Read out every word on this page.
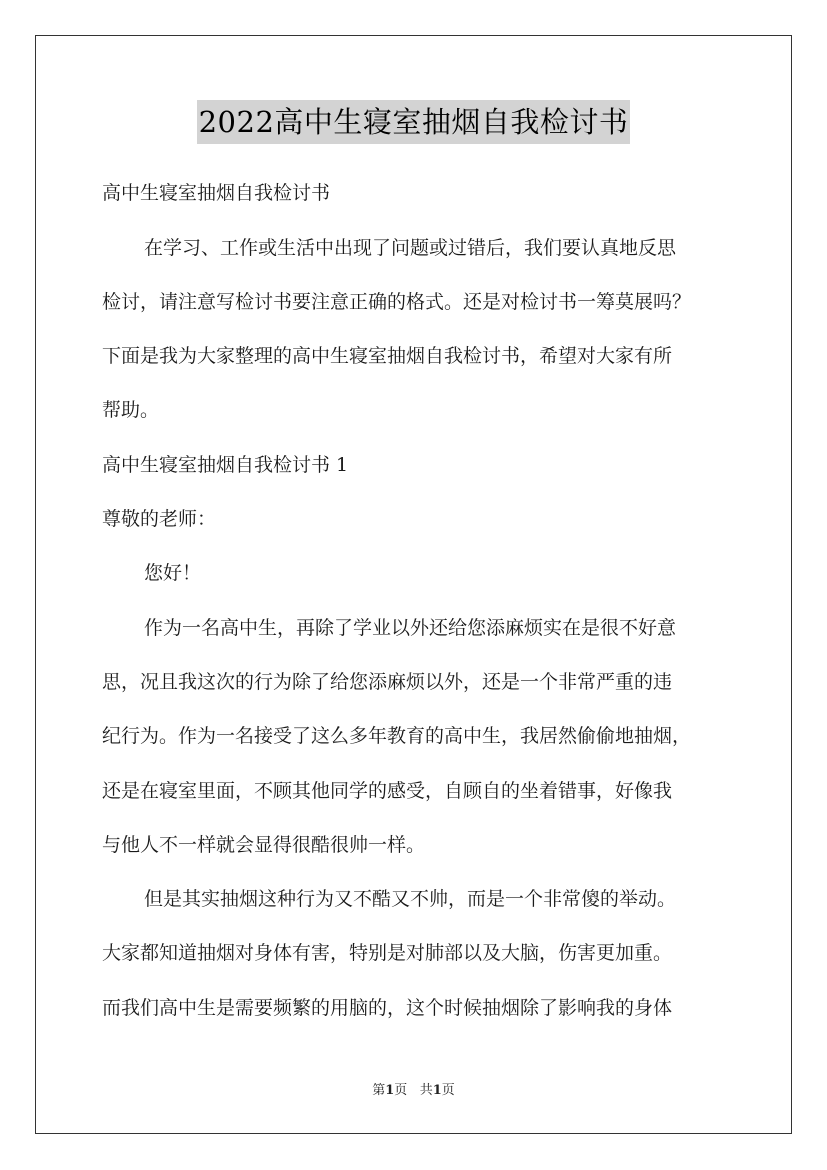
2022高中生寝室抽烟自我检讨书
高中生寝室抽烟自我检讨书
在学习、工作或生活中出现了问题或过错后，我们要认真地反思
检讨，请注意写检讨书要注意正确的格式。还是对检讨书一筹莫展吗？
下面是我为大家整理的高中生寝室抽烟自我检讨书，希望对大家有所
帮助。
高中生寝室抽烟自我检讨书 1
尊敬的老师：
您好！
作为一名高中生，再除了学业以外还给您添麻烦实在是很不好意
思，况且我这次的行为除了给您添麻烦以外，还是一个非常严重的违
纪行为。作为一名接受了这么多年教育的高中生，我居然偷偷地抽烟，
还是在寝室里面，不顾其他同学的感受，自顾自的坐着错事，好像我
与他人不一样就会显得很酷很帅一样。
但是其实抽烟这种行为又不酷又不帅，而是一个非常傻的举动。
大家都知道抽烟对身体有害，特别是对肺部以及大脑，伤害更加重。
而我们高中生是需要频繁的用脑的，这个时候抽烟除了影响我的身体
第1页 共1页
